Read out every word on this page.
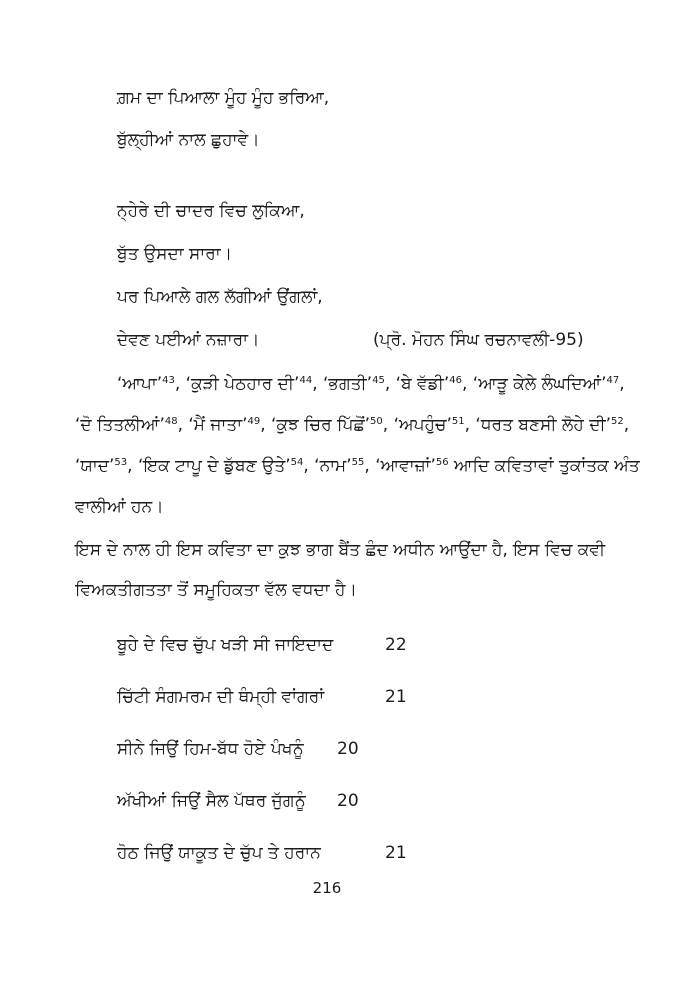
ਗ਼ਮ ਦਾ ਪਿਆਲਾ ਮੂੰਹ ਮੂੰਹ ਭਰਿਆ,
ਬੁੱਲ੍ਹੀਆਂ ਨਾਲ ਛੁਹਾਵੇ।
ਨ੍ਹੇਰੇ ਦੀ ਚਾਦਰ ਵਿਚ ਲੁਕਿਆ,
ਬੁੱਤ ਉਸਦਾ ਸਾਰਾ।
ਪਰ ਪਿਆਲੇ ਗਲ ਲੱਗੀਆਂ ਉਂਗਲਾਂ,
ਦੇਵਣ ਪਈਆਂ ਨਜ਼ਾਰਾ।	(ਪ੍ਰੋ. ਮੋਹਨ ਸਿੰਘ ਰਚਨਾਵਲੀ-95)
‘ਆਪਾ’$^{43}$, ‘ਕੁੜੀ ਪੇਠਹਾਰ ਦੀ’$^{44}$, ‘ਭਗਤੀ’$^{45}$, ‘ਬੇ ਵੱਡੀ’$^{46}$, ‘ਆੜੂ ਕੇਲੇ ਲੰਘਦਿਆਂ’$^{47}$,
‘ਦੋ ਤਿਤਲੀਆਂ’$^{48}$, ‘ਮੈਂ ਜਾਤਾ’$^{49}$, ‘ਕੁਝ ਚਿਰ ਪਿੱਛੋਂ’$^{50}$, ‘ਅਪਹੁੰਚ’$^{51}$, ‘ਧਰਤ ਬਣਸੀ ਲੋਹੇ ਦੀ’$^{52}$,
‘ਯਾਦ’$^{53}$, ‘ਇਕ ਟਾਪੂ ਦੇ ਡੁੱਬਣ ਉਤੇ’$^{54}$, ‘ਨਾਮ’$^{55}$, ‘ਆਵਾਜ਼ਾਂ’$^{56}$ ਆਦਿ ਕਵਿਤਾਵਾਂ ਤੁਕਾਂਤਕ ਅੰਤ
ਵਾਲੀਆਂ ਹਨ।
ਇਸ ਦੇ ਨਾਲ ਹੀ ਇਸ ਕਵਿਤਾ ਦਾ ਕੁਝ ਭਾਗ ਬੈਂਤ ਛੰਦ ਅਧੀਨ ਆਉਂਦਾ ਹੈ, ਇਸ ਵਿਚ ਕਵੀ
ਵਿਅਕਤੀਗਤਤਾ ਤੋਂ ਸਮੂਹਿਕਤਾ ਵੱਲ ਵਧਦਾ ਹੈ।
ਬੂਹੇ ਦੇ ਵਿਚ ਚੁੱਪ ਖੜੀ ਸੀ ਜਾਇਦਾਦ	22
ਚਿੱਟੀ ਸੰਗਮਰਮ ਦੀ ਥੰਮ੍ਹੀ ਵਾਂਗਰਾਂ	21
ਸੀਨੇ ਜਿਉਂ ਹਿਮ-ਬੱਧ ਹੋਏ ਪੰਖਨੂੰ 20
ਅੱਖੀਆਂ ਜਿਉਂ ਸੈਲ ਪੱਥਰ ਜੁੱਗਨੂੰ 20
ਹੋਠ ਜਿਉਂ ਯਾਕੂਤ ਦੇ ਚੁੱਪ ਤੇ ਹਰਾਨ	21
216
